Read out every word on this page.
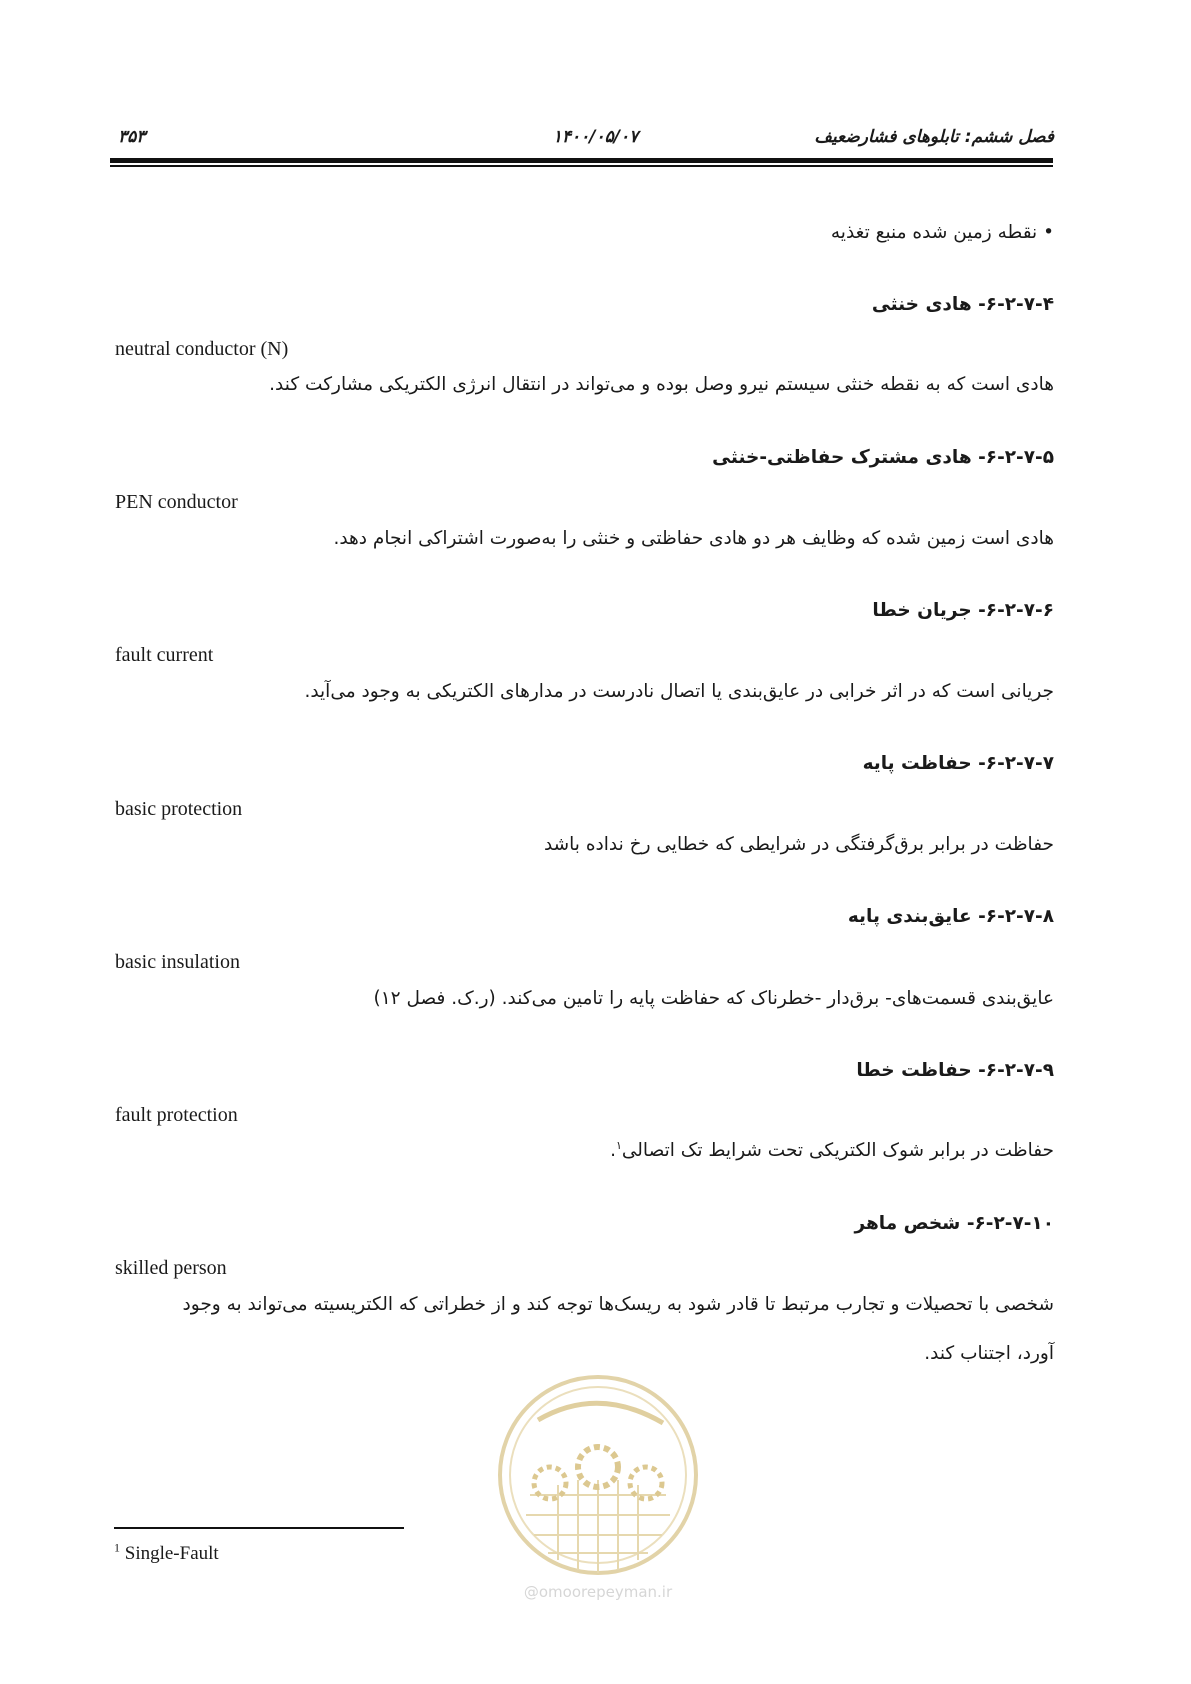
۳۵۳	۱۴۰۰/۰۵/۰۷	فصل ششم: تابلوهای فشارضعیف
• نقطه زمین شده منبع تغذیه
۶-۲-۷-۴- هادی خنثی
neutral conductor (N)
هادی است که به نقطه خنثی سیستم نیرو وصل بوده و می‌تواند در انتقال انرژی الکتریکی مشارکت کند.
۶-۲-۷-۵- هادی مشترک حفاظتی-خنثی
PEN conductor
هادی است زمین شده که وظایف هر دو هادی حفاظتی و خنثی را به‌صورت اشتراکی انجام دهد.
۶-۲-۷-۶- جریان خطا
fault current
جریانی است که در اثر خرابی در عایق‌بندی یا اتصال نادرست در مدارهای الکتریکی به وجود می‌آید.
۶-۲-۷-۷- حفاظت پایه
basic protection
حفاظت در برابر برق‌گرفتگی در شرایطی که خطایی رخ نداده باشد
۶-۲-۷-۸- عایق‌بندی پایه
basic insulation
عایق‌بندی قسمت‌های- برق‌دار -خطرناک که حفاظت پایه را تامین می‌کند. (ر.ک. فصل ۱۲)
۶-۲-۷-۹- حفاظت خطا
fault protection
حفاظت در برابر شوک الکتریکی تحت شرایط تک اتصالی$^۱$.
۶-۲-۷-۱۰- شخص ماهر
skilled person
شخصی با تحصیلات و تجارب مرتبط تا قادر شود به ریسک‌ها توجه کند و از خطراتی که الکتریسیته می‌تواند به وجود
آورد، اجتناب کند.
@omoorepeyman.ir
$^1$ Single-Fault
